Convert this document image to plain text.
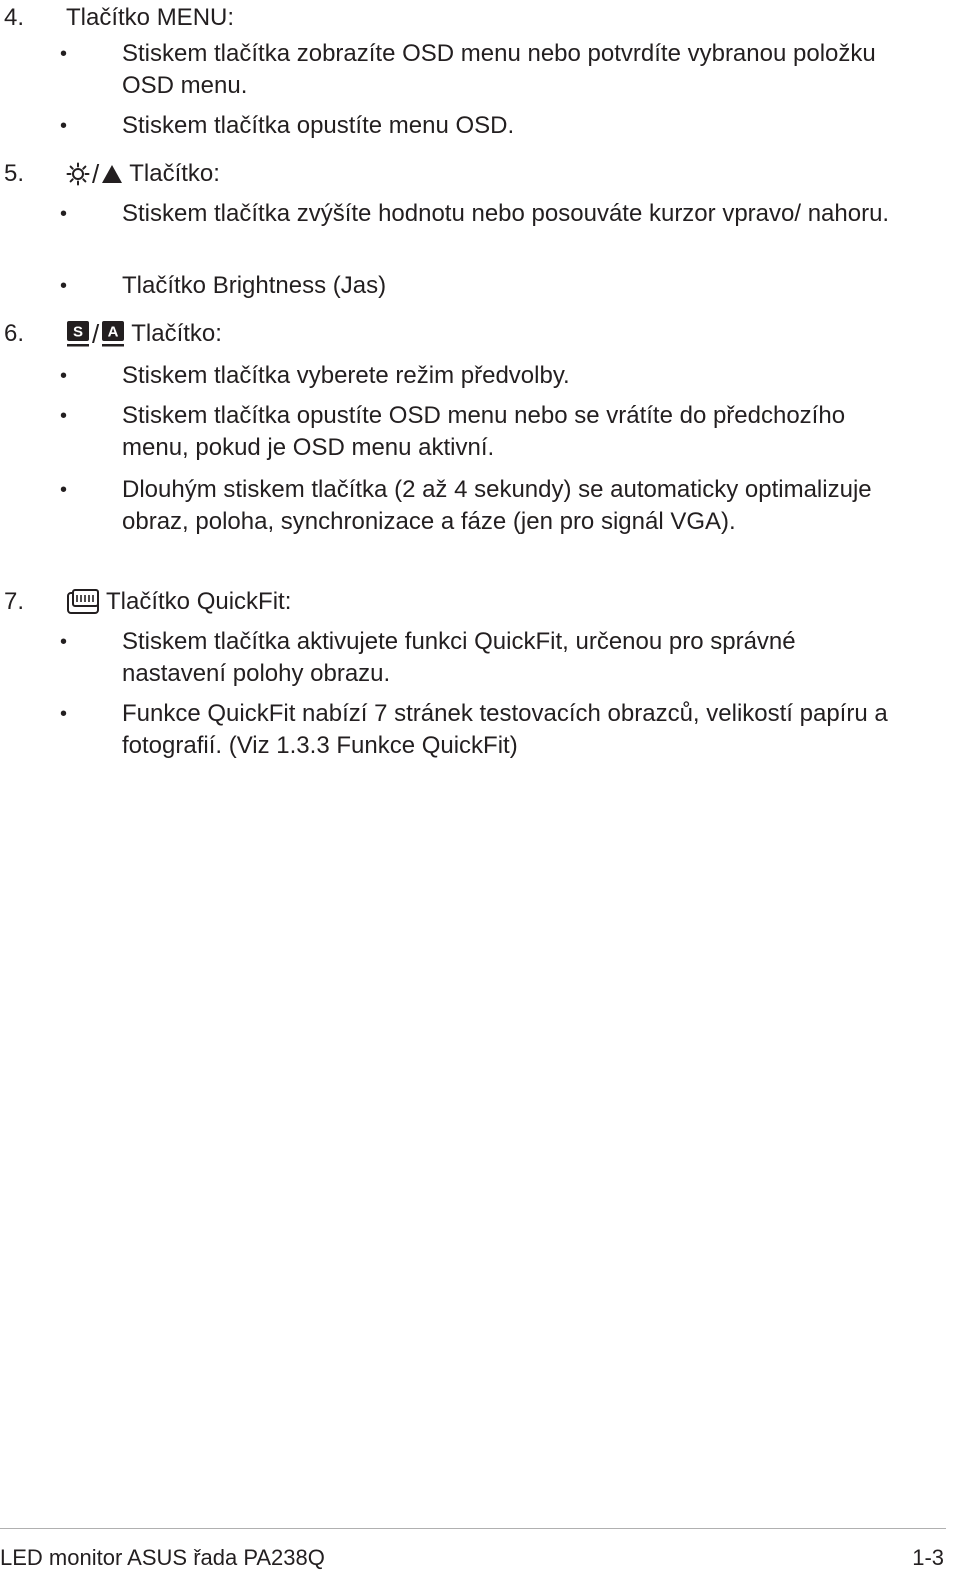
4.	Tlačítko MENU:
• Stiskem tlačítka zobrazíte OSD menu nebo potvrdíte vybranou položku OSD menu.
• Stiskem tlačítka opustíte menu OSD.
5.	/ Tlačítko:
• Stiskem tlačítka zvýšíte hodnotu nebo posouváte kurzor vpravo/ nahoru.
• Tlačítko Brightness (Jas)
6.	S / A Tlačítko:
• Stiskem tlačítka vyberete režim předvolby.
• Stiskem tlačítka opustíte OSD menu nebo se vrátíte do předchozího menu, pokud je OSD menu aktivní.
• Dlouhým stiskem tlačítka (2 až 4 sekundy) se automaticky optimalizuje obraz, poloha, synchronizace a fáze (jen pro signál VGA).
7.	Tlačítko QuickFit:
• Stiskem tlačítka aktivujete funkci QuickFit, určenou pro správné nastavení polohy obrazu.
• Funkce QuickFit nabízí 7 stránek testovacích obrazců, velikostí papíru a fotografií. (Viz 1.3.3 Funkce QuickFit)
LED monitor ASUS řada PA238Q	1-3
